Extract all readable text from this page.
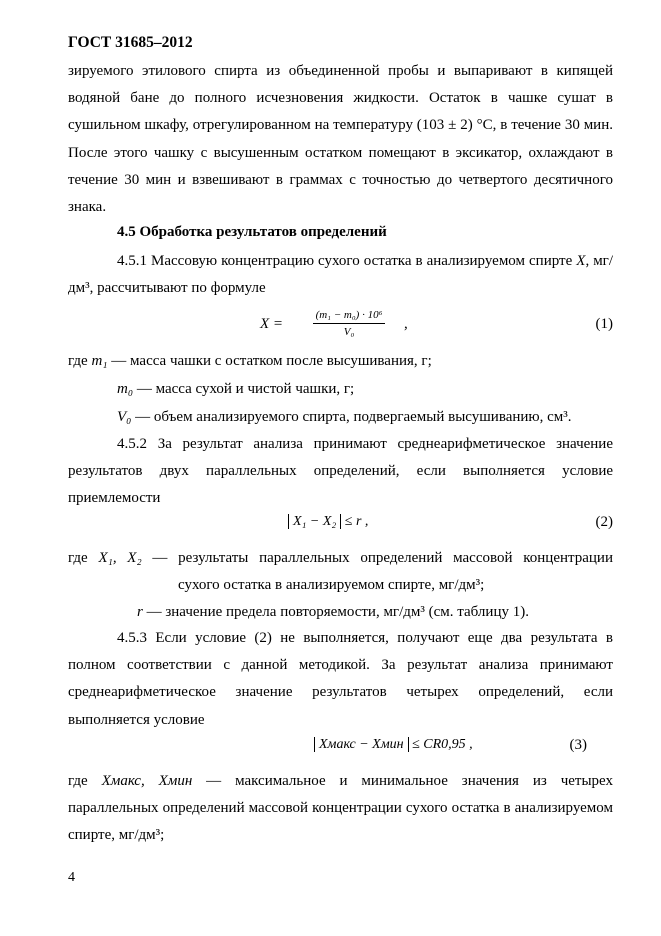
ГОСТ 31685–2012

зируемого этилового спирта из объединенной пробы и выпаривают в кипящей водяной бане до полного исчезновения жидкости. Остаток в чашке сушат в сушильном шкафу, отрегулированном на температуру (103 ± 2) °С, в течение 30 мин. После этого чашку с высушенным остатком помещают в эксикатор, охлаждают в течение 30 мин и взвешивают в граммах с точностью до четвертого десятичного знака.

4.5 Обработка результатов определений

4.5.1 Массовую концентрацию сухого остатка в анализируемом спирте X, мг/дм³, рассчитывают по формуле

$X = \frac{\text{(m₁ − m₀) · 10⁶}}{\text{V₀}}$ ,	(1)
где m₁ — масса чашки с остатком после высушивания, г;
m₀ — масса сухой и чистой чашки, г;
V₀ — объем анализируемого спирта, подвергаемый высушиванию, см³.

4.5.2 За результат анализа принимают среднеарифметическое значение результатов двух параллельных определений, если выполняется условие приемлемости

X₁ − X₂ ≤ r ,	(2)
где X₁, X₂ — результаты параллельных определений массовой концентрации
сухого остатка в анализируемом спирте, мг/дм³;
r — значение предела повторяемости, мг/дм³ (см. таблицу 1).

4.5.3 Если условие (2) не выполняется, получают еще два результата в полном соответствии с данной методикой. За результат анализа принимают среднеарифметическое значение результатов четырех определений, если выполняется условие

Xмакс − Xмин ≤ CR0,95 ,	(3)

где Xмакс, Xмин — максимальное и минимальное значения из четырех параллельных определений массовой концентрации сухого остатка в анализируемом спирте, мг/дм³;

4
